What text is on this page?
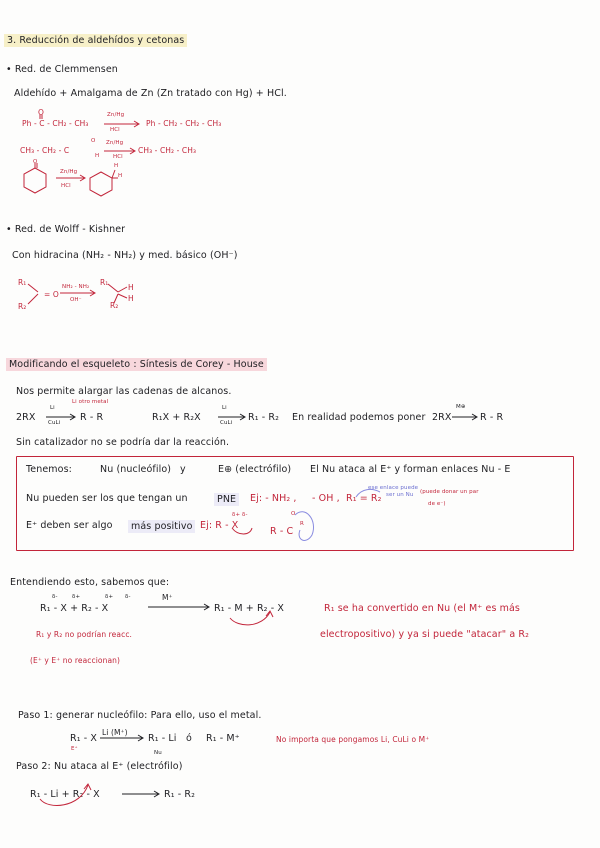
3. Reducción de aldehídos y cetonas
• Red. de Clemmensen
Aldehído + Amalgama de Zn (Zn tratado con Hg) + HCl.
O
Ph - C - CH₂ - CH₃
Zn/Hg
HCl
Ph - CH₂ - CH₂ - CH₃
O
CH₃ - CH₂ - C
H
Zn/Hg
HCl
CH₃ - CH₂ - CH₃
O
Zn/Hg
HCl
H
H
• Red. de Wolff - Kishner
Con hidracina (NH₂ - NH₂) y med. básico (OH⁻)
R₁
R₂
= O
NH₂ - NH₂
OH⁻
R₁
R₂
H
H
Modificando el esqueleto : Síntesis de Corey - House
Nos permite alargar las cadenas de alcanos.
2RX
Li
CuLi
Li otro metal
R - R	R₁X + R₂X
Li
CuLi R₁ - R₂ En realidad podemos poner 2RX
M⊕
R - R
Sin catalizador no se podría dar la reacción.
Tenemos:	Nu (nucleófilo) y	E⊕ (electrófilo) El Nu ataca al E⁺ y forman enlaces Nu - E
Nu pueden ser los que tengan un	PNE	Ej: - NH₂ , - OH , R₁ = R₂
ese enlace puede
ser un Nu (puede donar un par
de e⁻)
E⁺ deben ser algo	más positivo Ej: R - X
δ+ δ-
R - C
O
R
Entendiendo esto, sabemos que:
δ-	δ+	δ+ δ-
R₁ - X + R₂ - X
M⁺
R₁ - M + R₂ - X	R₁ se ha convertido en Nu (el M⁺ es más
electropositivo) y ya si puede "atacar" a R₂
R₁ y R₂ no podrían reacc.
(E⁺ y E⁺ no reaccionan)
Paso 1: generar nucleófilo: Para ello, uso el metal.
R₁ - X
E⁺
Li (M⁺)
R₁ - Li
Nu
ó R₁ - M⁺	No importa que pongamos Li, CuLi o M⁺
Paso 2: Nu ataca al E⁺ (electrófilo)
R₁ - Li + R₂ - X	R₁ - R₂
